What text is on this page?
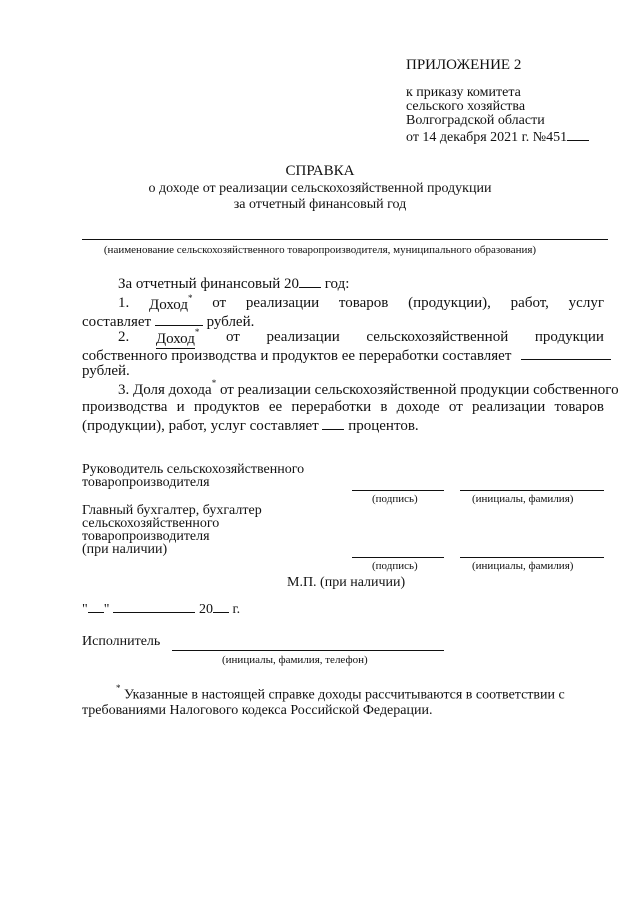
ПРИЛОЖЕНИЕ 2
к приказу комитета
сельского хозяйства
Волгоградской области
от 14 декабря 2021 г. №451
СПРАВКА
о доходе от реализации сельскохозяйственной продукции
за отчетный финансовый год
(наименование сельскохозяйственного товаропроизводителя, муниципального образования)
За отчетный финансовый 20 год:
1. Доход* от реализации товаров (продукции), работ, услуг
составляет	рублей.
2. Доход* от реализации сельскохозяйственной продукции
собственного производства и продуктов ее переработки составляет
рублей.
3. Доля дохода* от реализации сельскохозяйственной продукции собственного
производства и продуктов ее переработки в доходе от реализации товаров
(продукции), работ, услуг составляет процентов.
Руководитель сельскохозяйственного
товаропроизводителя
(подпись)	(инициалы, фамилия)
Главный бухгалтер, бухгалтер
сельскохозяйственного
товаропроизводителя
(при наличии)
(подпись)	(инициалы, фамилия)
М.П. (при наличии)
" "	20 г.
Исполнитель
(инициалы, фамилия, телефон)
* Указанные в настоящей справке доходы рассчитываются в соответствии с
требованиями Налогового кодекса Российской Федерации.
